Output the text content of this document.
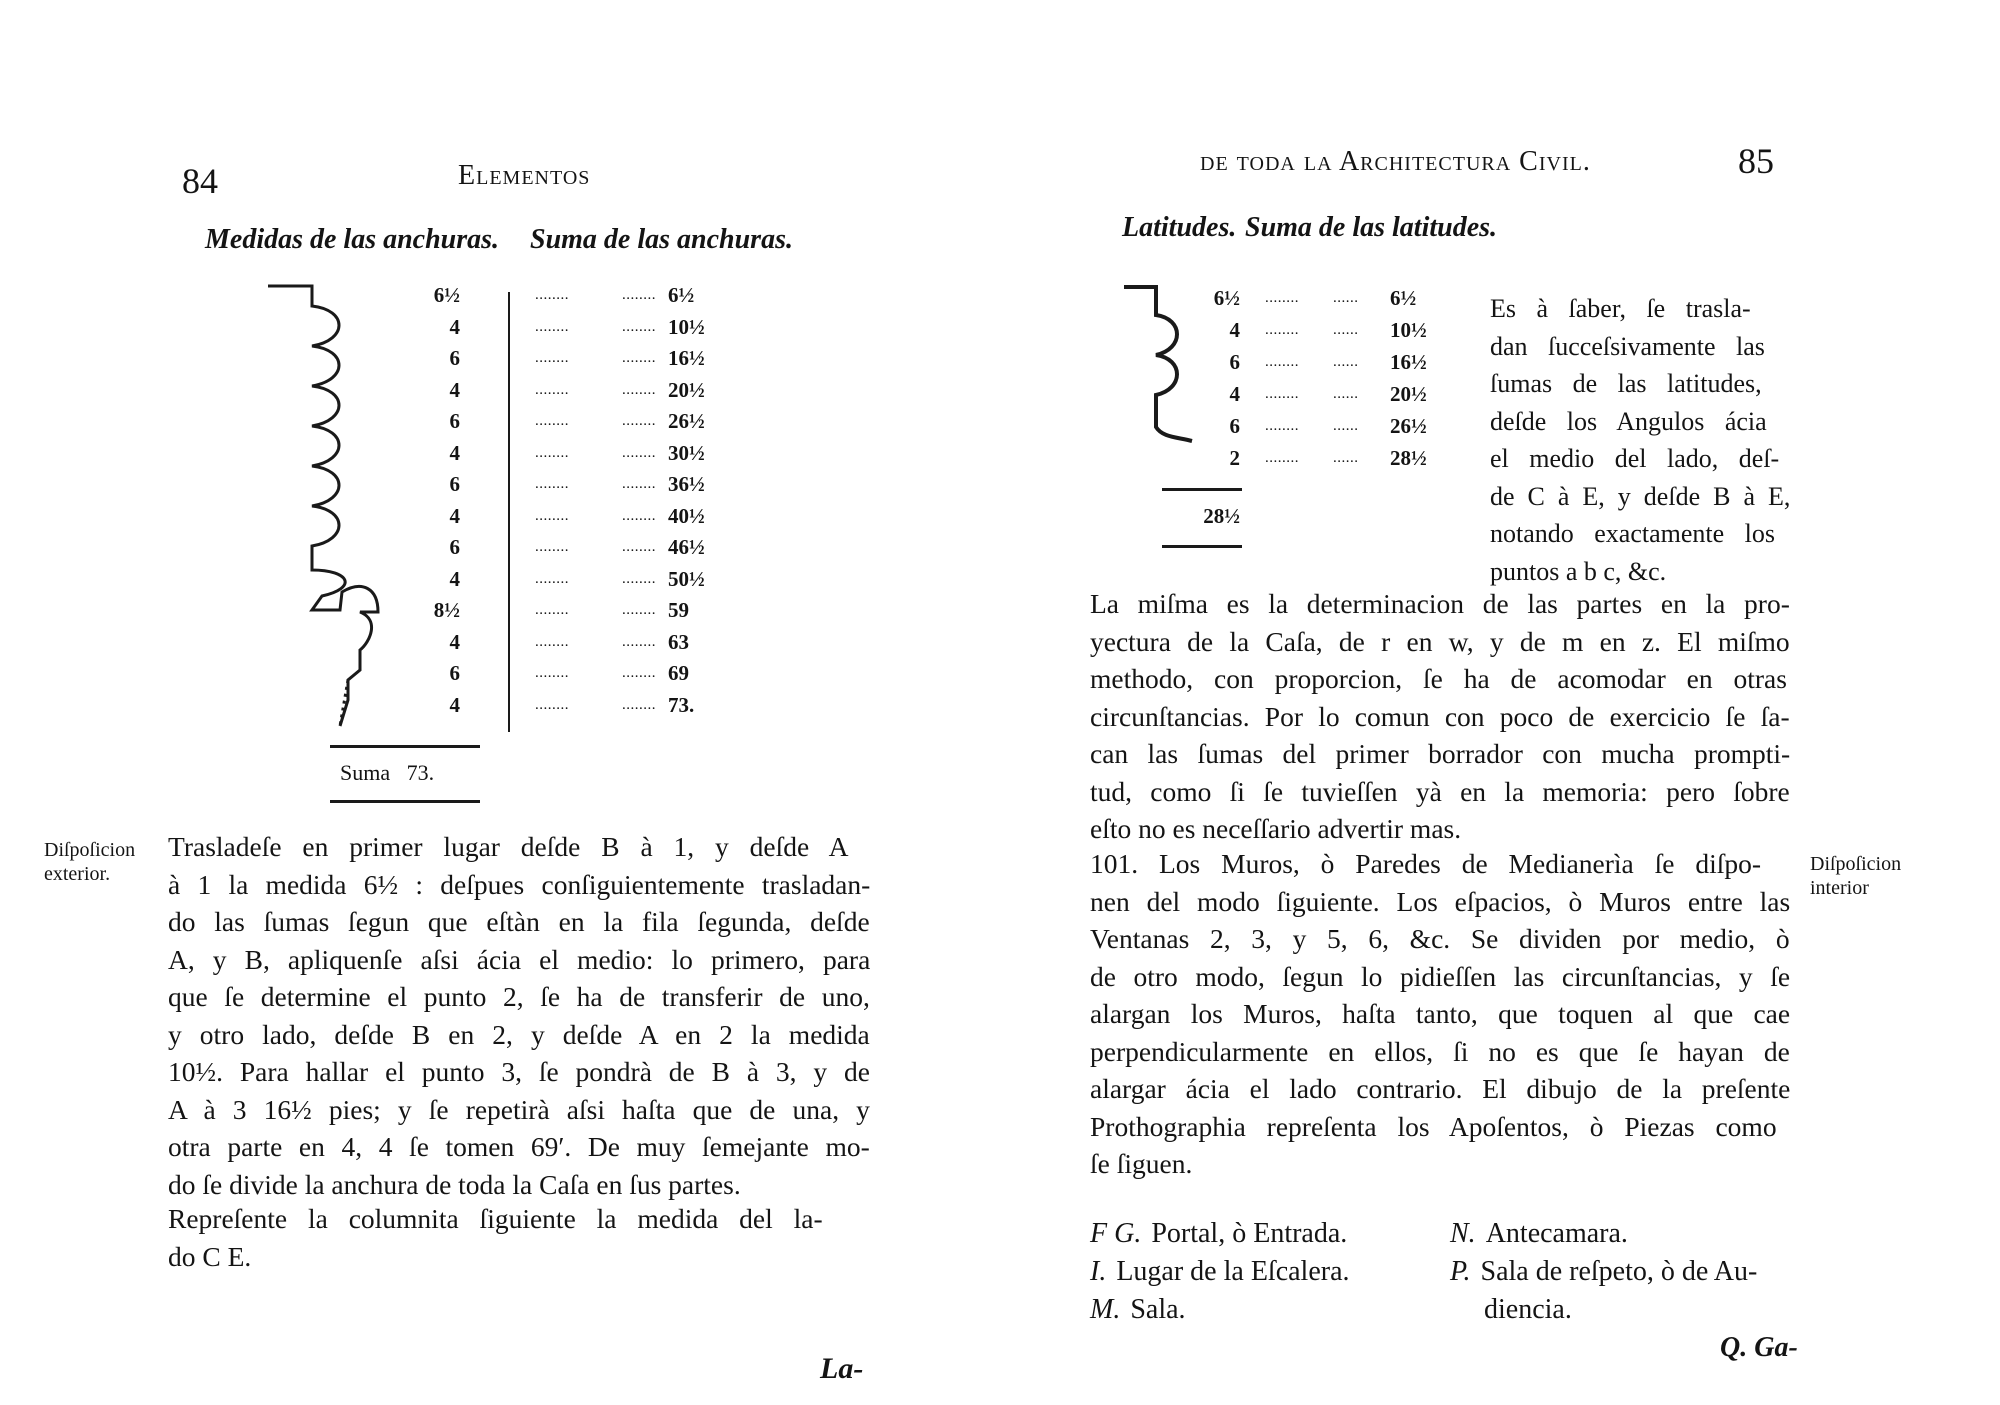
84	Elementos
Medidas de las anchuras. Suma de las anchuras.
6½
4
6
4
6
4
6
4
6
4
8½
4
6
4
........
........
........
........
........
........
........
........
........
........
........
........
........
........
........
........
........
........
........
........
........
........
........
........
........
........
........
........
6½
10½
16½
20½
26½
30½
36½
40½
46½
50½
59
63
69
73.
Suma 73.
Diſpoſicion
exterior.
Trasladeſe en primer lugar deſde B à 1, y deſde A
à 1 la medida 6½ : deſpues conſiguientemente trasladan-
do las ſumas ſegun que eſtàn en la fila ſegunda, deſde
A, y B, apliquenſe aſsi ácia el medio: lo primero, para
que ſe determine el punto 2, ſe ha de transferir de uno,
y otro lado, deſde B en 2, y deſde A en 2 la medida
10½. Para hallar el punto 3, ſe pondrà de B à 3, y de
A à 3 16½ pies; y ſe repetirà aſsi haſta que de una, y
otra parte en 4, 4 ſe tomen 69′. De muy ſemejante mo-
do ſe divide la anchura de toda la Caſa en ſus partes.
Repreſente la columnita ſiguiente la medida del la-
do C E.
La-
de toda la Architectura Civil.	85
Latitudes. Suma de las latitudes.
6½
4
6
4
6
2
........
........
........
........
........
........
......
......
......
......
......
......
6½
10½
16½
20½
26½
28½
28½
Es à ſaber, ſe trasla-
dan ſucceſsivamente las
ſumas de las latitudes,
deſde los Angulos ácia
el medio del lado, deſ-
de C à E, y deſde B à E,
notando exactamente los
puntos a b c, &c.
La miſma es la determinacion de las partes en la pro-
yectura de la Caſa, de r en w, y de m en z. El miſmo
methodo, con proporcion, ſe ha de acomodar en otras
circunſtancias. Por lo comun con poco de exercicio ſe ſa-
can las ſumas del primer borrador con mucha prompti-
tud, como ſi ſe tuvieſſen yà en la memoria: pero ſobre
eſto no es neceſſario advertir mas.
101. Los Muros, ò Paredes de Medianerìa ſe diſpo-
nen del modo ſiguiente. Los eſpacios, ò Muros entre las
Ventanas 2, 3, y 5, 6, &c. Se dividen por medio, ò
de otro modo, ſegun lo pidieſſen las circunſtancias, y ſe
alargan los Muros, haſta tanto, que toquen al que cae
perpendicularmente en ellos, ſi no es que ſe hayan de
alargar ácia el lado contrario. El dibujo de la preſente
Prothographia repreſenta los Apoſentos, ò Piezas como
ſe ſiguen.
Diſpoſicion
interior
F G. Portal, ò Entrada.
I. Lugar de la Eſcalera.
M. Sala.
N. Antecamara.
P. Sala de reſpeto, ò de Au-
diencia.
Q. Ga-
